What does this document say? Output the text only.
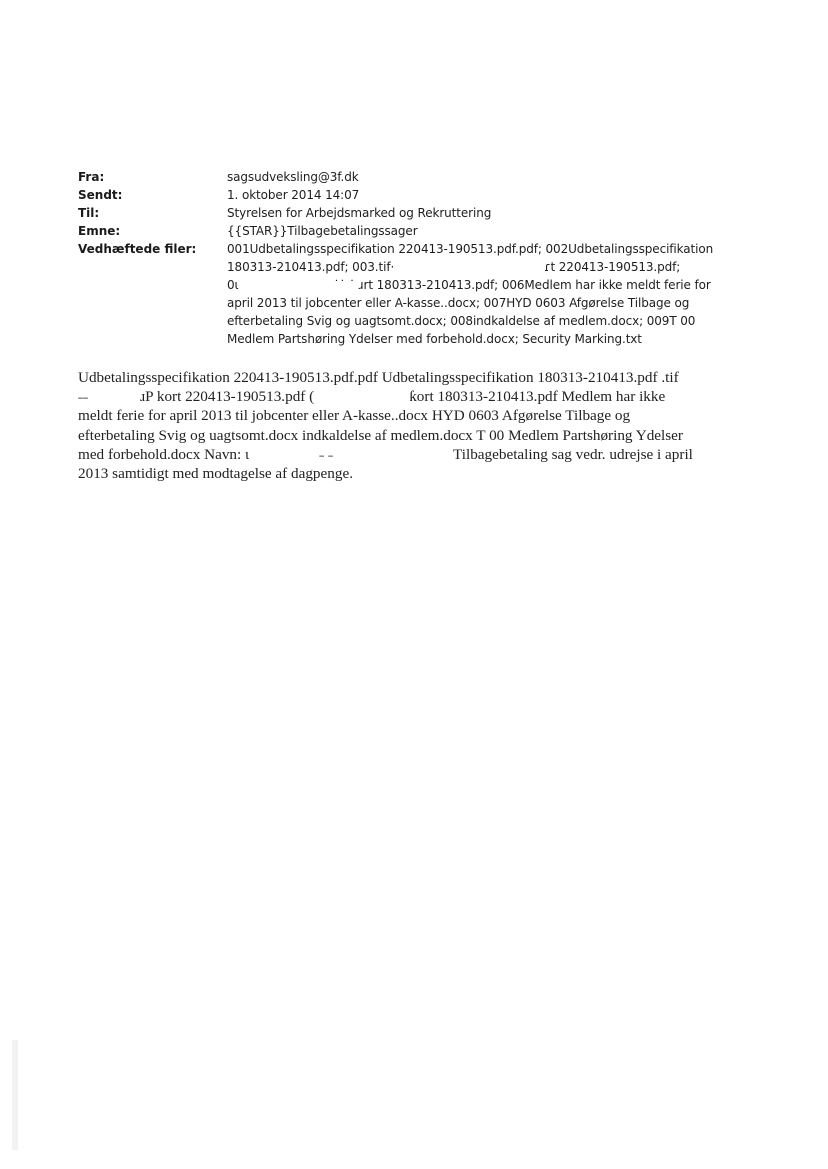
Fra:	sagsudveksling@3f.dk
Sendt:	1. oktober 2014 14:07
Til:	Styrelsen for Arbejdsmarked og Rekruttering
Emne:	{{STAR}}Tilbagebetalingssager
Vedhæftede filer:	001Udbetalingsspecifikation 220413-190513.pdf.pdf; 002Udbetalingsspecifikation
180313-210413.pdf; 003.tif·	ɾt 220413-190513.pdf;
0ι	˙˙ ˙ ɹrt 180313-210413.pdf; 006Medlem har ikke meldt ferie for
april 2013 til jobcenter eller A-kasse..docx; 007HYD 0603 Afgørelse Tilbage og
efterbetaling Svig og uagtsomt.docx; 008indkaldelse af medlem.docx; 009T 00
Medlem Partshøring Ydelser med forbehold.docx; Security Marking.txt
Udbetalingsspecifikation 220413-190513.pdf.pdf Udbetalingsspecifikation 180313-210413.pdf .tif
˗˗	ɹP kort 220413-190513.pdf (	ƙort 180313-210413.pdf Medlem har ikke
meldt ferie for april 2013 til jobcenter eller A-kasse..docx HYD 0603 Afgørelse Tilbage og
efterbetaling Svig og uagtsomt.docx indkaldelse af medlem.docx T 00 Medlem Partshøring Ydelser
med forbehold.docx Navn: ι	˗ ˗	Tilbagebetaling sag vedr. udrejse i april
2013 samtidigt med modtagelse af dagpenge.
